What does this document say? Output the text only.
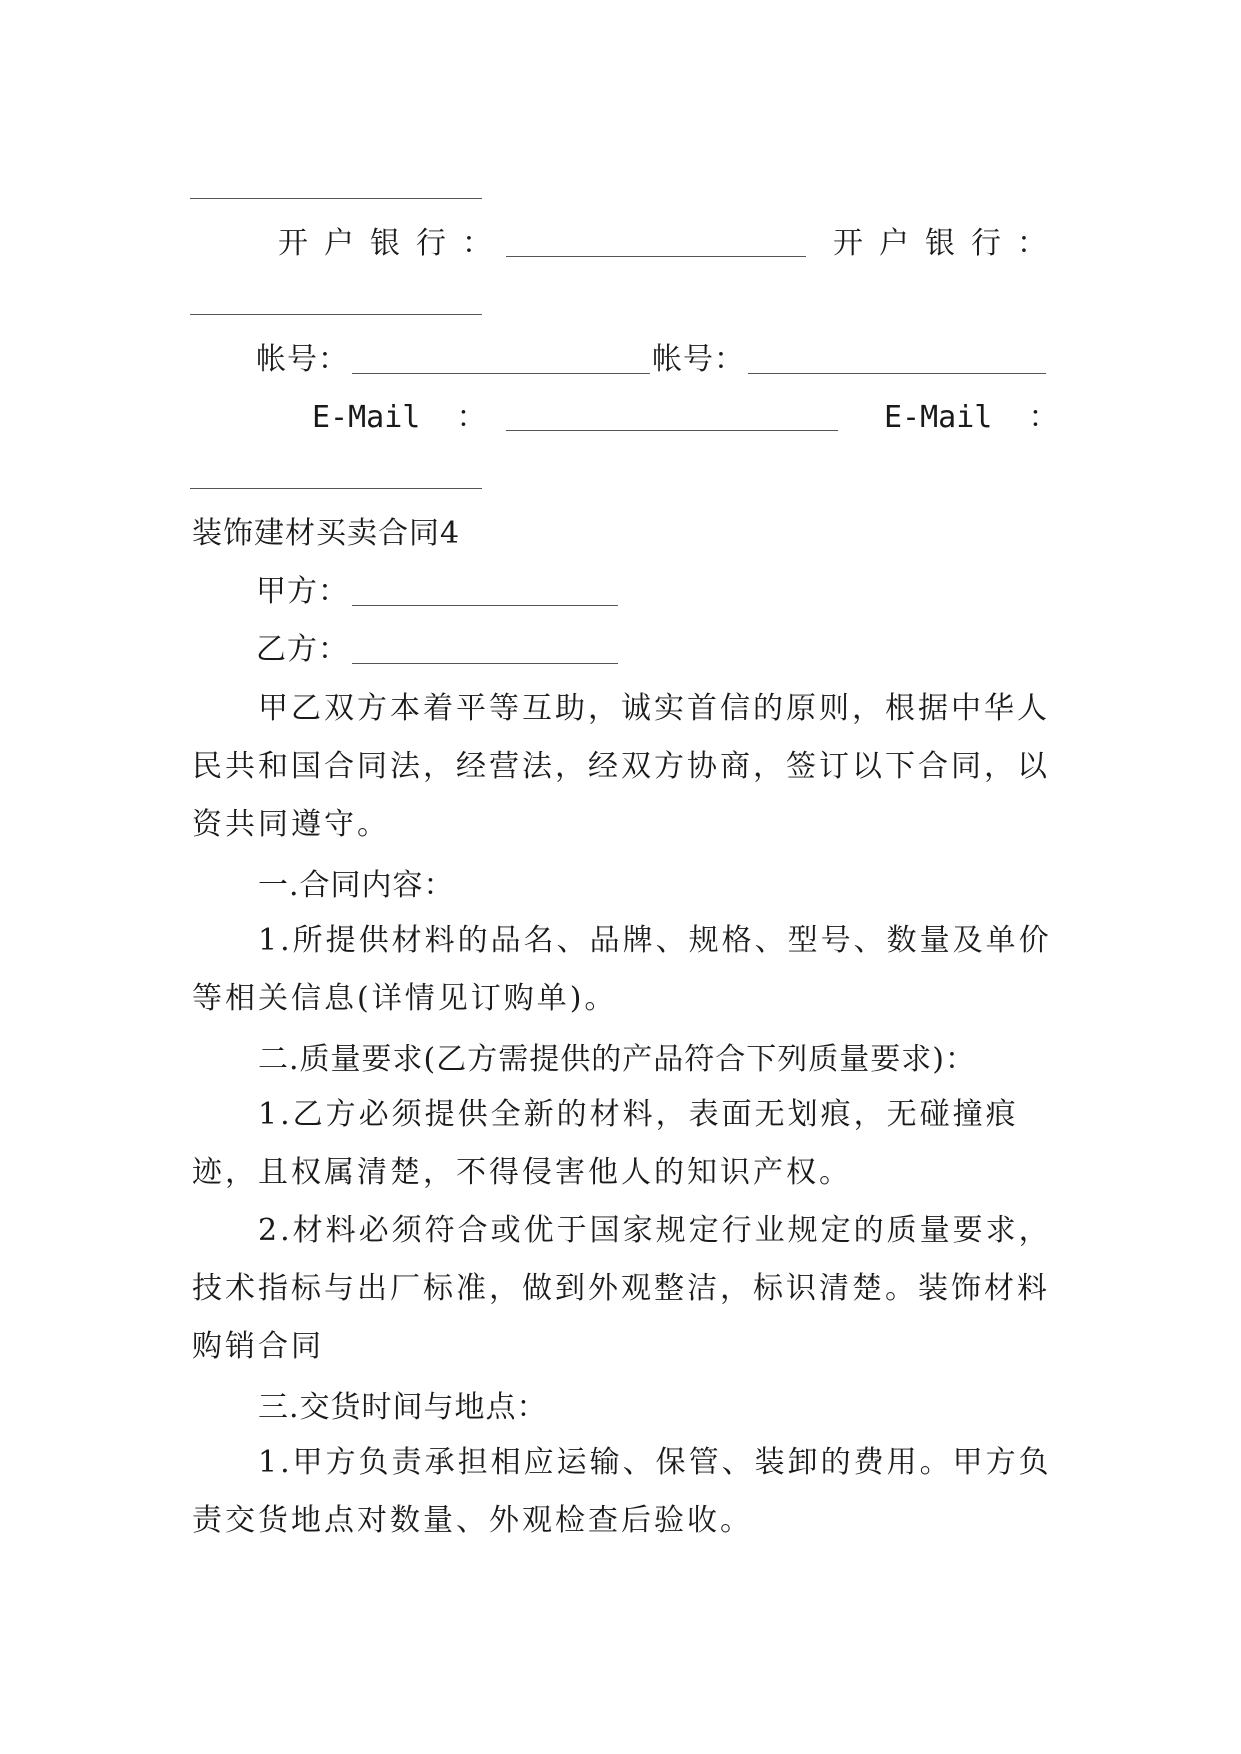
开户银行：	开户银行：
帐号：	帐号：
E-Mail  ：	E-Mail  ：
装饰建材买卖合同4
甲方：
乙方：

甲乙双方本着平等互助，诚实首信的原则，根据中华人民共和国合同法，经营法，经双方协商，签订以下合同，以资共同遵守。

一.合同内容：

1.所提供材料的品名、品牌、规格、型号、数量及单价等相关信息(详情见订购单)。

二.质量要求(乙方需提供的产品符合下列质量要求)：

1.乙方必须提供全新的材料，表面无划痕，无碰撞痕迹，且权属清楚，不得侵害他人的知识产权。

2.材料必须符合或优于国家规定行业规定的质量要求，技术指标与出厂标准，做到外观整洁，标识清楚。装饰材料购销合同

三.交货时间与地点：

1.甲方负责承担相应运输、保管、装卸的费用。甲方负责交货地点对数量、外观检查后验收。
